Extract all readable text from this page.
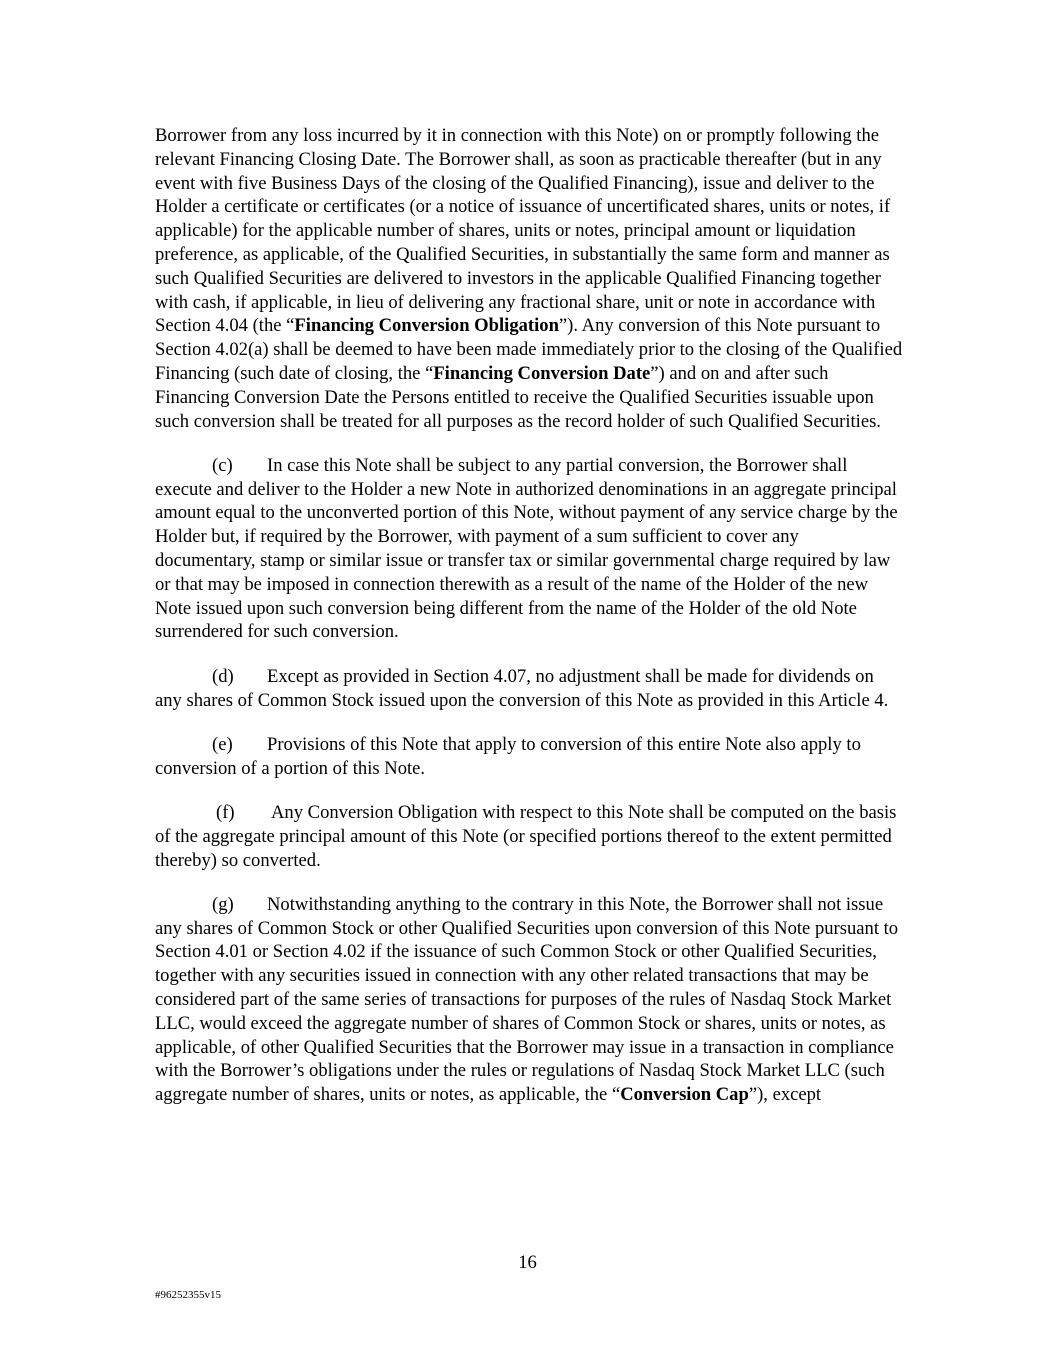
Borrower from any loss incurred by it in connection with this Note) on or promptly following the relevant Financing Closing Date. The Borrower shall, as soon as practicable thereafter (but in any event with five Business Days of the closing of the Qualified Financing), issue and deliver to the Holder a certificate or certificates (or a notice of issuance of uncertificated shares, units or notes, if applicable) for the applicable number of shares, units or notes, principal amount or liquidation preference, as applicable, of the Qualified Securities, in substantially the same form and manner as such Qualified Securities are delivered to investors in the applicable Qualified Financing together with cash, if applicable, in lieu of delivering any fractional share, unit or note in accordance with Section 4.04 (the “Financing Conversion Obligation”). Any conversion of this Note pursuant to Section 4.02(a) shall be deemed to have been made immediately prior to the closing of the Qualified Financing (such date of closing, the “Financing Conversion Date”) and on and after such Financing Conversion Date the Persons entitled to receive the Qualified Securities issuable upon such conversion shall be treated for all purposes as the record holder of such Qualified Securities.

(c) In case this Note shall be subject to any partial conversion, the Borrower shall execute and deliver to the Holder a new Note in authorized denominations in an aggregate principal amount equal to the unconverted portion of this Note, without payment of any service charge by the Holder but, if required by the Borrower, with payment of a sum sufficient to cover any documentary, stamp or similar issue or transfer tax or similar governmental charge required by law or that may be imposed in connection therewith as a result of the name of the Holder of the new Note issued upon such conversion being different from the name of the Holder of the old Note surrendered for such conversion.

(d) Except as provided in Section 4.07, no adjustment shall be made for dividends on any shares of Common Stock issued upon the conversion of this Note as provided in this Article 4.

(e) Provisions of this Note that apply to conversion of this entire Note also apply to conversion of a portion of this Note.

(f) Any Conversion Obligation with respect to this Note shall be computed on the basis of the aggregate principal amount of this Note (or specified portions thereof to the extent permitted thereby) so converted.

(g) Notwithstanding anything to the contrary in this Note, the Borrower shall not issue any shares of Common Stock or other Qualified Securities upon conversion of this Note pursuant to Section 4.01 or Section 4.02 if the issuance of such Common Stock or other Qualified Securities, together with any securities issued in connection with any other related transactions that may be considered part of the same series of transactions for purposes of the rules of Nasdaq Stock Market LLC, would exceed the aggregate number of shares of Common Stock or shares, units or notes, as applicable, of other Qualified Securities that the Borrower may issue in a transaction in compliance with the Borrower’s obligations under the rules or regulations of Nasdaq Stock Market LLC (such aggregate number of shares, units or notes, as applicable, the “Conversion Cap”), except

16
#96252355v15
